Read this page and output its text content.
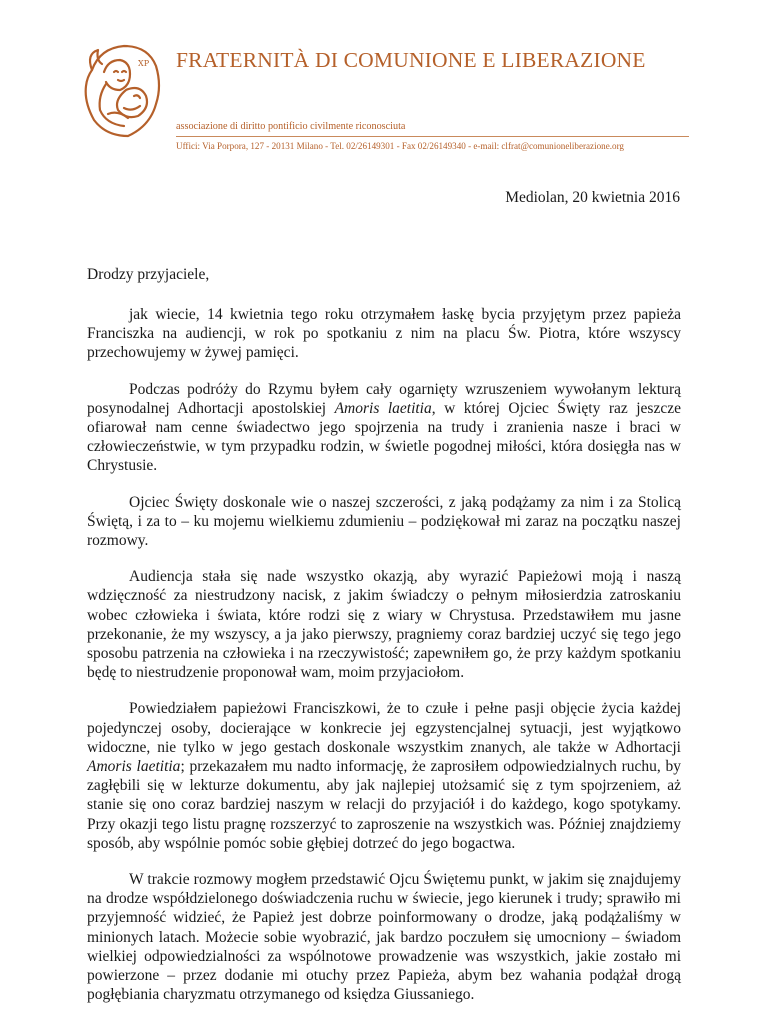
ΧΡ FRATERNITÀ DI COMUNIONE E LIBERAZIONE
associazione di diritto pontificio civilmente riconosciuta
Uffici: Via Porpora, 127 - 20131 Milano - Tel. 02/26149301 - Fax 02/26149340 - e-mail: clfrat@comunioneliberazione.org
Mediolan, 20 kwietnia 2016
Drodzy przyjaciele,

jak wiecie, 14 kwietnia tego roku otrzymałem łaskę bycia przyjętym przez papieża Franciszka na audiencji, w rok po spotkaniu z nim na placu Św. Piotra, które wszyscy przechowujemy w żywej pamięci.

Podczas podróży do Rzymu byłem cały ogarnięty wzruszeniem wywołanym lekturą posynodalnej Adhortacji apostolskiej Amoris laetitia, w której Ojciec Święty raz jeszcze ofiarował nam cenne świadectwo jego spojrzenia na trudy i zranienia nasze i braci w człowieczeństwie, w tym przypadku rodzin, w świetle pogodnej miłości, która dosięgła nas w Chrystusie.

Ojciec Święty doskonale wie o naszej szczerości, z jaką podążamy za nim i za Stolicą Świętą, i za to – ku mojemu wielkiemu zdumieniu – podziękował mi zaraz na początku naszej rozmowy.

Audiencja stała się nade wszystko okazją, aby wyrazić Papieżowi moją i naszą wdzięczność za niestrudzony nacisk, z jakim świadczy o pełnym miłosierdzia zatroskaniu wobec człowieka i świata, które rodzi się z wiary w Chrystusa. Przedstawiłem mu jasne przekonanie, że my wszyscy, a ja jako pierwszy, pragniemy coraz bardziej uczyć się tego jego sposobu patrzenia na człowieka i na rzeczywistość; zapewniłem go, że przy każdym spotkaniu będę to niestrudzenie proponował wam, moim przyjaciołom.

Powiedziałem papieżowi Franciszkowi, że to czułe i pełne pasji objęcie życia każdej pojedynczej osoby, docierające w konkrecie jej egzystencjalnej sytuacji, jest wyjątkowo widoczne, nie tylko w jego gestach doskonale wszystkim znanych, ale także w Adhortacji Amoris laetitia; przekazałem mu nadto informację, że zaprosiłem odpowiedzialnych ruchu, by zagłębili się w lekturze dokumentu, aby jak najlepiej utożsamić się z tym spojrzeniem, aż stanie się ono coraz bardziej naszym w relacji do przyjaciół i do każdego, kogo spotykamy. Przy okazji tego listu pragnę rozszerzyć to zaproszenie na wszystkich was. Później znajdziemy sposób, aby wspólnie pomóc sobie głębiej dotrzeć do jego bogactwa.

W trakcie rozmowy mogłem przedstawić Ojcu Świętemu punkt, w jakim się znajdujemy na drodze współdzielonego doświadczenia ruchu w świecie, jego kierunek i trudy; sprawiło mi przyjemność widzieć, że Papież jest dobrze poinformowany o drodze, jaką podążaliśmy w minionych latach. Możecie sobie wyobrazić, jak bardzo poczułem się umocniony – świadom wielkiej odpowiedzialności za wspólnotowe prowadzenie was wszystkich, jakie zostało mi powierzone – przez dodanie mi otuchy przez Papieża, abym bez wahania podążał drogą pogłębiania charyzmatu otrzymanego od księdza Giussaniego.
